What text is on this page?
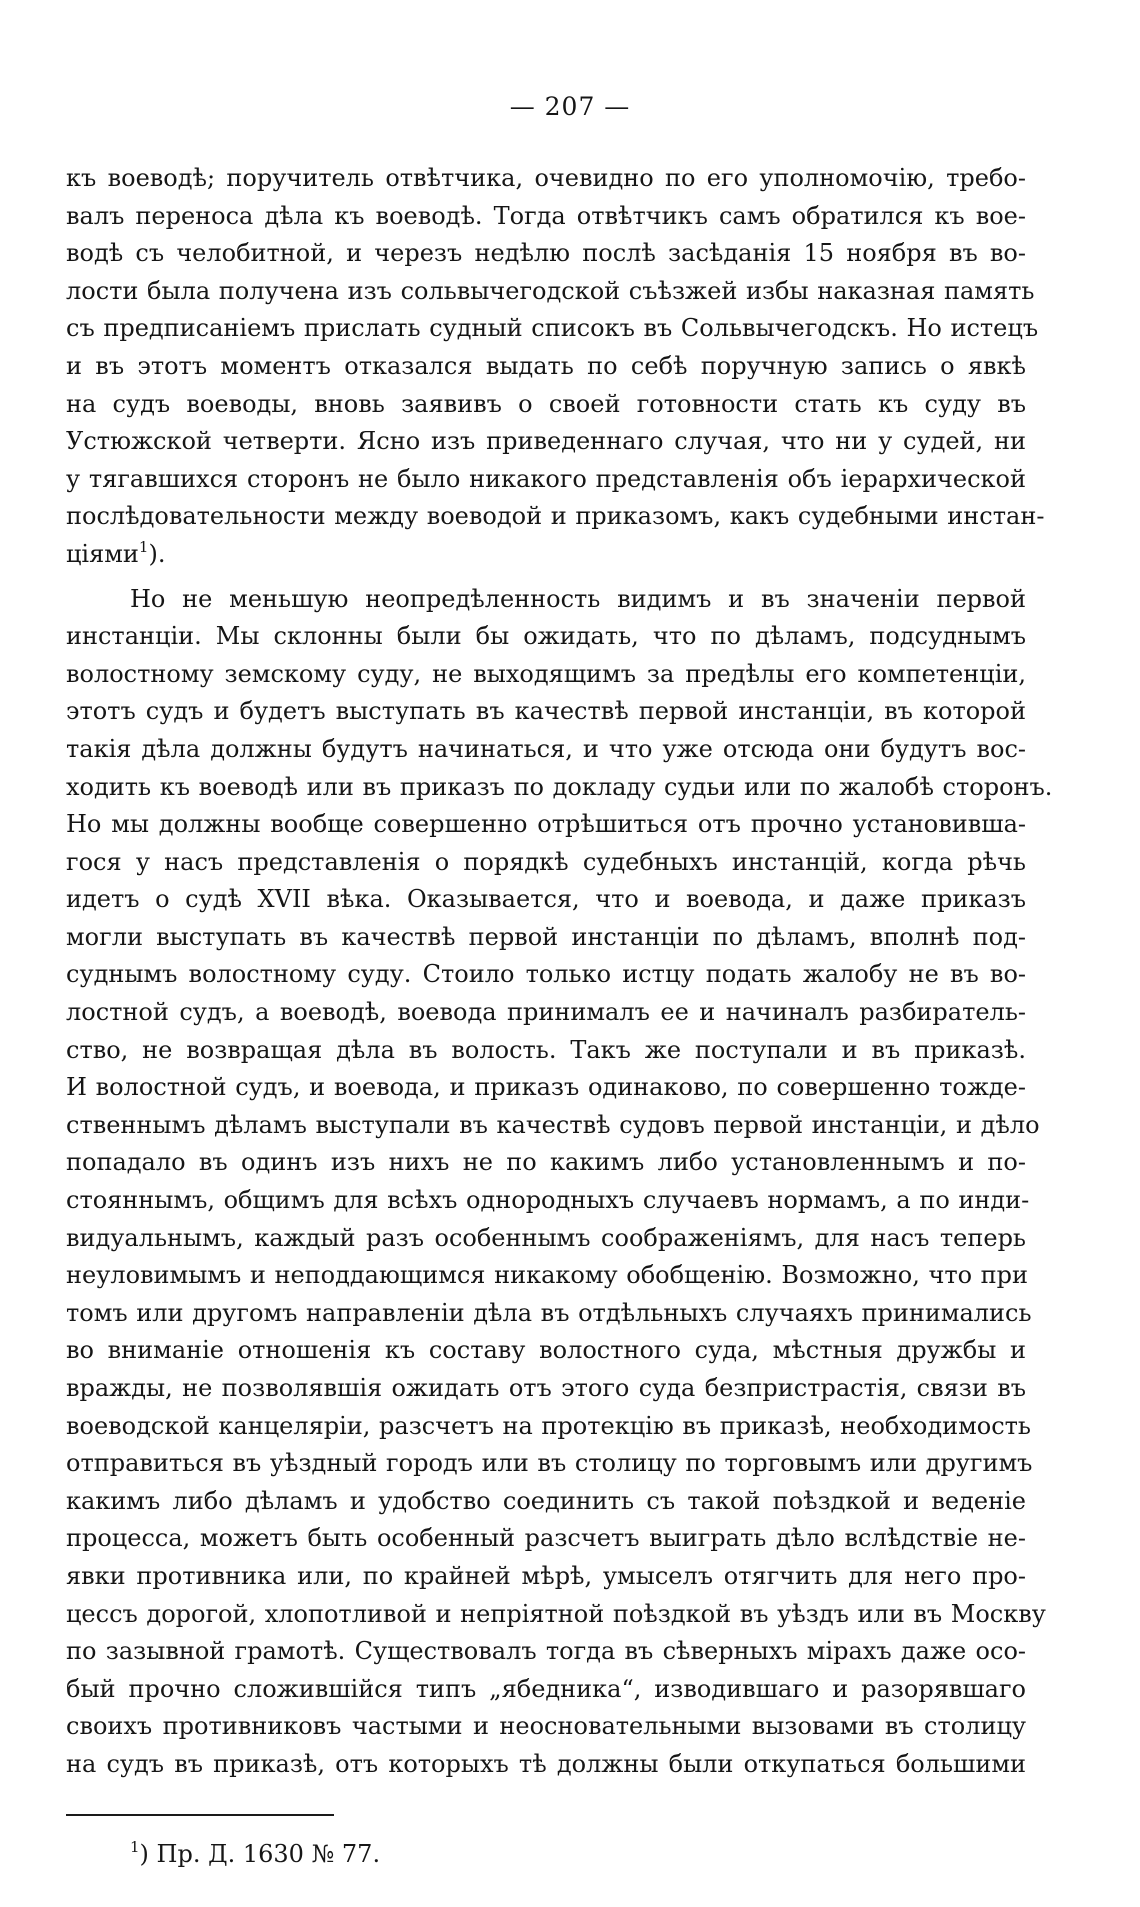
— 207 —
къ воеводѣ; поручитель отвѣтчика, очевидно по его уполномочію, требо-
валъ переноса дѣла къ воеводѣ. Тогда отвѣтчикъ самъ обратился къ вое-
водѣ съ челобитной, и черезъ недѣлю послѣ засѣданія 15 ноября въ во-
лости была получена изъ сольвычегодской съѣзжей избы наказная память
съ предписаніемъ прислать судный списокъ въ Сольвычегодскъ. Но истецъ
и въ этотъ моментъ отказался выдать по себѣ поручную запись о явкѣ
на судъ воеводы, вновь заявивъ о своей готовности стать къ суду въ
Устюжской четверти. Ясно изъ приведеннаго случая, что ни у судей, ни
у тягавшихся сторонъ не было никакого представленія объ іерархической
послѣдовательности между воеводой и приказомъ, какъ судебными инстан-
ціями$^1$).
Но не меньшую неопредѣленность видимъ и въ значеніи первой
инстанціи. Мы склонны были бы ожидать, что по дѣламъ, подсуднымъ
волостному земскому суду, не выходящимъ за предѣлы его компетенціи,
этотъ судъ и будетъ выступать въ качествѣ первой инстанціи, въ которой
такія дѣла должны будутъ начинаться, и что уже отсюда они будутъ вос-
ходить къ воеводѣ или въ приказъ по докладу судьи или по жалобѣ сторонъ.
Но мы должны вообще совершенно отрѣшиться отъ прочно установившa-
гося у насъ представленія о порядкѣ судебныхъ инстанцій, когда рѣчь
идетъ о судѣ XVII вѣка. Оказывается, что и воевода, и даже приказъ
могли выступать въ качествѣ первой инстанціи по дѣламъ, вполнѣ под-
суднымъ волостному суду. Стоило только истцу подать жалобу не въ во-
лостной судъ, а воеводѣ, воевода принималъ ее и начиналъ разбиратель-
ство, не возвращая дѣла въ волость. Такъ же поступали и въ приказѣ.
И волостной судъ, и воевода, и приказъ одинаково, по совершенно тожде-
ственнымъ дѣламъ выступали въ качествѣ судовъ первой инстанціи, и дѣло
попадало въ одинъ изъ нихъ не по какимъ либо установленнымъ и по-
стояннымъ, общимъ для всѣхъ однородныхъ случаевъ нормамъ, а по инди-
видуальнымъ, каждый разъ особеннымъ соображеніямъ, для насъ теперь
неуловимымъ и неподдающимся никакому обобщенію. Возможно, что при
томъ или другомъ направленіи дѣла въ отдѣльныхъ случаяхъ принимались
во вниманіе отношенія къ составу волостного суда, мѣстныя дружбы и
вражды, не позволявшія ожидать отъ этого суда безпристрастія, связи въ
воеводской канцеляріи, разсчетъ на протекцію въ приказѣ, необходимость
отправиться въ уѣздный городъ или въ столицу по торговымъ или другимъ
какимъ либо дѣламъ и удобство соединить съ такой поѣздкой и веденіе
процесса, можетъ быть особенный разсчетъ выиграть дѣло вслѣдствіе не-
явки противника или, по крайней мѣрѣ, умыселъ отягчить для него про-
цессъ дорогой, хлопотливой и непріятной поѣздкой въ уѣздъ или въ Москву
по зазывной грамотѣ. Существовалъ тогда въ сѣверныхъ мірахъ даже осо-
бый прочно сложившійся типъ „ябедника“, изводившаго и разорявшаго
своихъ противниковъ частыми и неосновательными вызовами въ столицу
на судъ въ приказѣ, отъ которыхъ тѣ должны были откупаться большими
$^1$) Пр. Д. 1630 № 77.
